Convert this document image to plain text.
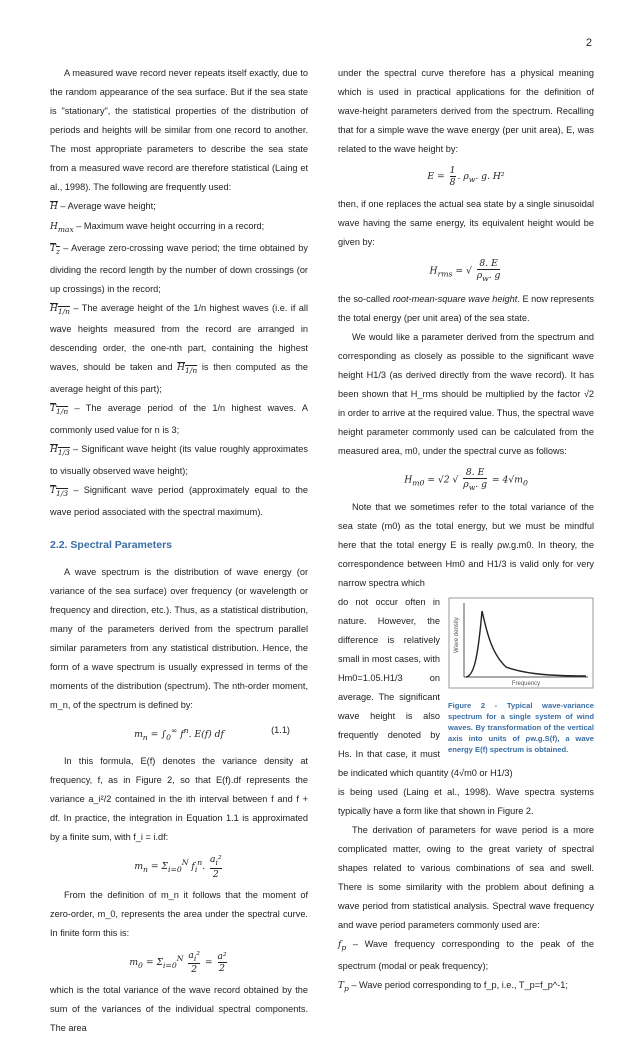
2

A measured wave record never repeats itself exactly, due to the random appearance of the sea surface. But if the sea state is "stationary", the statistical properties of the distribution of periods and heights will be similar from one record to another. The most appropriate parameters to describe the sea state from a measured wave record are therefore statistical (Laing et al., 1998). The following are frequently used:

$\overline{H}$ – Average wave height;

$H_{max}$ – Maximum wave height occurring in a record;

$T_z$ – Average zero-crossing wave period; the time obtained by dividing the record length by the number of down crossings (or up crossings) in the record;

$H_{1/n}$ – The average height of the 1/n highest waves (i.e. if all wave heights measured from the record are arranged in descending order, the one-nth part, containing the highest waves, should be taken and $H_{1/n}$ is then computed as the average height of this part);

$T_{1/n}$ – The average period of the 1/n highest waves. A commonly used value for n is 3;

$H_{1/3}$ – Significant wave height (its value roughly approximates to visually observed wave height);

$T_{1/3}$ – Significant wave period (approximately equal to the wave period associated with the spectral maximum).

2.2. Spectral Parameters

A wave spectrum is the distribution of wave energy (or variance of the sea surface) over frequency (or wavelength or frequency and direction, etc.). Thus, as a statistical distribution, many of the parameters derived from the spectrum parallel similar parameters from any statistical distribution. Hence, the form of a wave spectrum is usually expressed in terms of the moments of the distribution (spectrum). The nth-order moment, m_n, of the spectrum is defined by:

$m_n = \int_0^\infty$ $f^n$. E(f) df	(1.1)

In this formula, E(f) denotes the variance density at frequency, f, as in Figure 2, so that E(f).df represents the variance a_i²/2 contained in the ith interval between f and f + df. In practice, the integration in Equation 1.1 is approximated by a finite sum, with f_i = i.df:

$m_n = \Sigma_{i=0}^N$ $f_i^n$. $\frac{a_i^2}{2}$

From the definition of m_n it follows that the moment of zero-order, m_0, represents the area under the spectral curve. In finite form this is:

$m_0 = \Sigma_{i=0}^N \frac{a_i^2}{2} = \frac{\text{a²}}{2}$

which is the total variance of the wave record obtained by the sum of the variances of the individual spectral components. The area

under the spectral curve therefore has a physical meaning which is used in practical applications for the definition of wave-height parameters derived from the spectrum. Recalling that for a simple wave the wave energy (per unit area), E, was related to the wave height by:

$E = \frac{1}{8}$ . $\rho_w$. g. H²

then, if one replaces the actual sea state by a single sinusoidal wave having the same energy, its equivalent height would be given by:

$H_{rms}$ = √ $\frac{8. E}{\rho_w. g}$

the so-called root-mean-square wave height. E now represents the total energy (per unit area) of the sea state.

We would like a parameter derived from the spectrum and corresponding as closely as possible to the significant wave height H1/3 (as derived directly from the wave record). It has been shown that H_rms should be multiplied by the factor √2 in order to arrive at the required value. Thus, the spectral wave height parameter commonly used can be calculated from the measured area, m0, under the spectral curve as follows:

$H_{m0} = √2$ √ $\frac{8. E}{\rho_w. g} = 4√m_0$

Note that we sometimes refer to the total variance of the sea state (m0) as the total energy, but we must be mindful here that the total energy E is really ρw.g.m0. In theory, the correspondence between Hm0 and H1/3 is valid only for very narrow spectra which

Wave density
Frequency
Figure 2 - Typical wave-variance spectrum for a single system of wind waves. By transformation of the vertical axis into units of ρw.g.S(f), a wave energy E(f) spectrum is obtained.

do not occur often in nature. However, the difference is relatively small in most cases, with Hm0=1.05.H1/3 on average. The significant wave height is also frequently denoted by Hs. In that case, it must be indicated which quantity (4√m0 or H1/3)

is being used (Laing et al., 1998). Wave spectra systems typically have a form like that shown in Figure 2.

The derivation of parameters for wave period is a more complicated matter, owing to the great variety of spectral shapes related to various combinations of sea and swell. There is some similarity with the problem about defining a wave period from statistical analysis. Spectral wave frequency and wave period parameters commonly used are:

$f_p$ – Wave frequency corresponding to the peak of the spectrum (modal or peak frequency);

$T_p$ – Wave period corresponding to f_p, i.e., T_p=f_p^-1;
